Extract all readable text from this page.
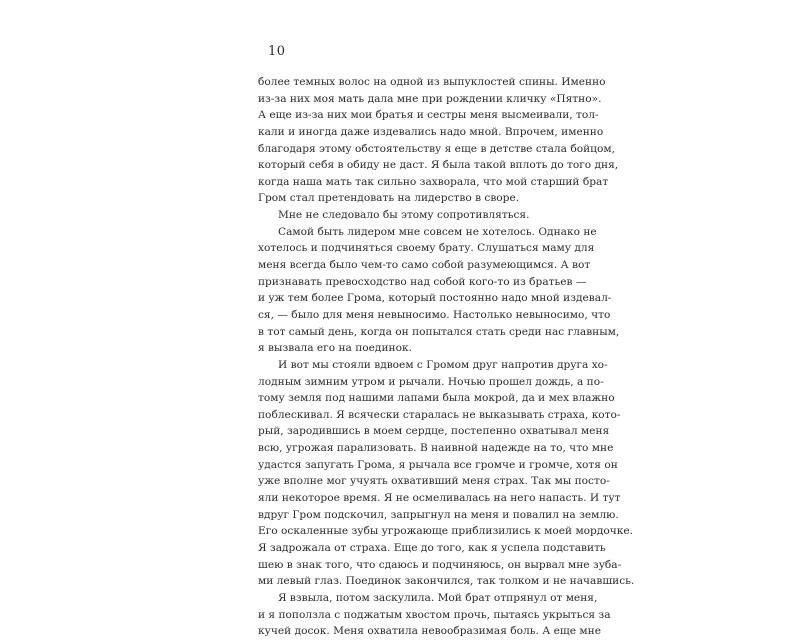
10
более темных волос на одной из выпуклостей спины. Именно
из-за них моя мать дала мне при рождении кличку «Пятно».
А еще из-за них мои братья и сестры меня высмеивали, тол-
кали и иногда даже издевались надо мной. Впрочем, именно
благодаря этому обстоятельству я еще в детстве стала бойцом,
который себя в обиду не даст. Я была такой вплоть до того дня,
когда наша мать так сильно захворала, что мой старший брат
Гром стал претендовать на лидерство в своре.
Мне не следовало бы этому сопротивляться.
Самой быть лидером мне совсем не хотелось. Однако не
хотелось и подчиняться своему брату. Слушаться маму для
меня всегда было чем-то само собой разумеющимся. А вот
признавать превосходство над собой кого-то из братьев —
и уж тем более Грома, который постоянно надо мной издевал-
ся, — было для меня невыносимо. Настолько невыносимо, что
в тот самый день, когда он попытался стать среди нас главным,
я вызвала его на поединок.
И вот мы стояли вдвоем с Громом друг напротив друга хо-
лодным зимним утром и рычали. Ночью прошел дождь, а по-
тому земля под нашими лапами была мокрой, да и мех влажно
поблескивал. Я всячески старалась не выказывать страха, кото-
рый, зародившись в моем сердце, постепенно охватывал меня
всю, угрожая парализовать. В наивной надежде на то, что мне
удастся запугать Грома, я рычала все громче и громче, хотя он
уже вполне мог учуять охвативший меня страх. Так мы посто-
яли некоторое время. Я не осмеливалась на него напасть. И тут
вдруг Гром подскочил, запрыгнул на меня и повалил на землю.
Его оскаленные зубы угрожающе приблизились к моей мордочке.
Я задрожала от страха. Еще до того, как я успела подставить
шею в знак того, что сдаюсь и подчиняюсь, он вырвал мне зуба-
ми левый глаз. Поединок закончился, так толком и не начавшись.
Я взвыла, потом заскулила. Мой брат отпрянул от меня,
и я поползла с поджатым хвостом прочь, пытаясь укрыться за
кучей досок. Меня охватила невообразимая боль. А еще мне
